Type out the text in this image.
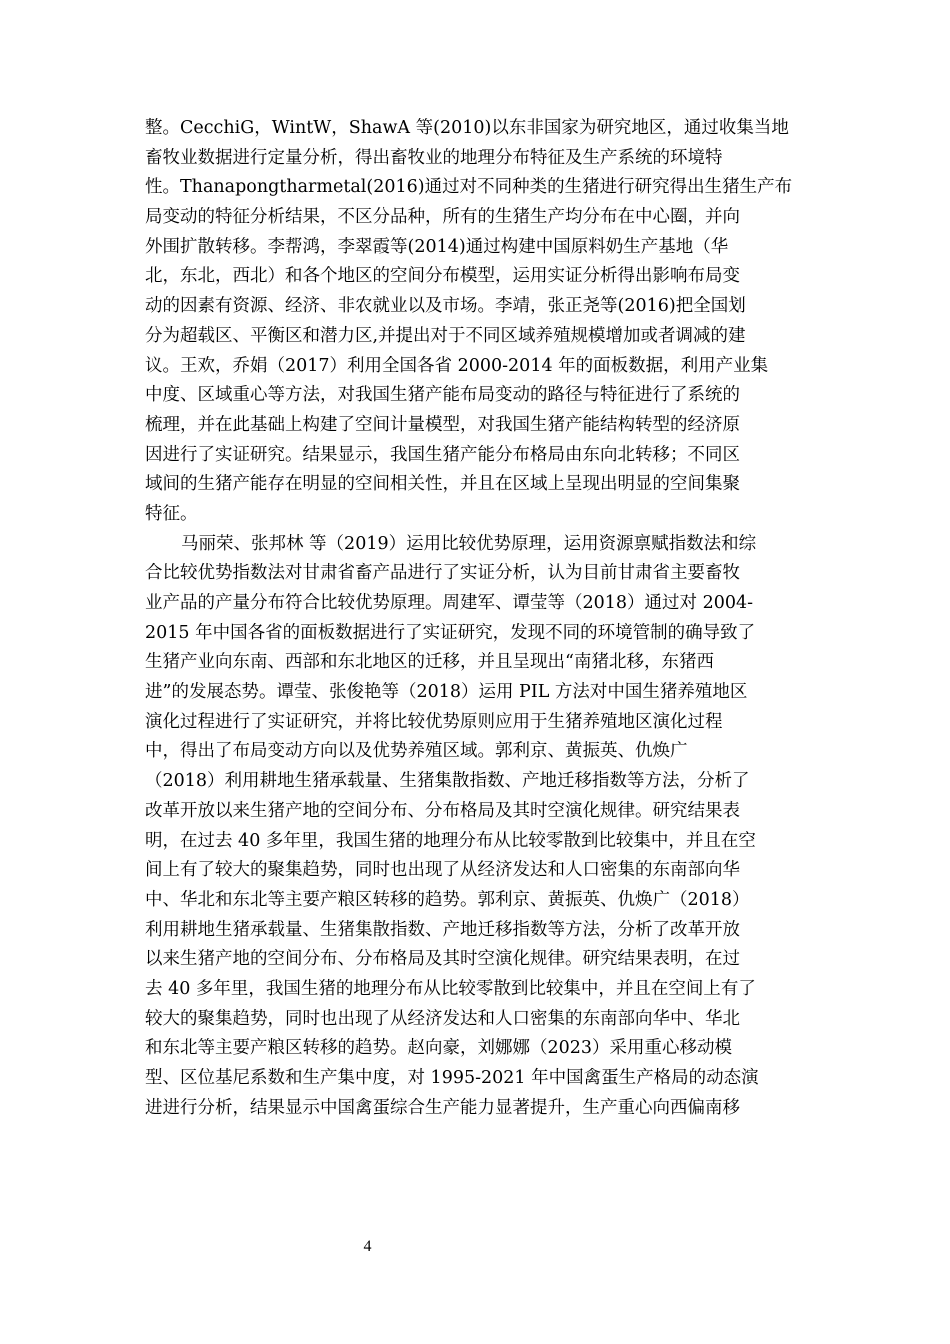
整。CecchiG，WintW，ShawA 等(2010)以东非国家为研究地区，通过收集当地
畜牧业数据进行定量分析，得出畜牧业的地理分布特征及生产系统的环境特
性。Thanapongtharmetal(2016)通过对不同种类的生猪进行研究得出生猪生产布
局变动的特征分析结果，不区分品种，所有的生猪生产均分布在中心圈，并向
外围扩散转移。李帮鸿，李翠霞等(2014)通过构建中国原料奶生产基地（华
北，东北，西北）和各个地区的空间分布模型，运用实证分析得出影响布局变
动的因素有资源、经济、非农就业以及市场。李靖，张正尧等(2016)把全国划
分为超载区、平衡区和潜力区,并提出对于不同区域养殖规模增加或者调减的建
议。王欢，乔娟（2017）利用全国各省 2000-2014 年的面板数据，利用产业集
中度、区域重心等方法，对我国生猪产能布局变动的路径与特征进行了系统的
梳理，并在此基础上构建了空间计量模型，对我国生猪产能结构转型的经济原
因进行了实证研究。结果显示，我国生猪产能分布格局由东向北转移；不同区
域间的生猪产能存在明显的空间相关性，并且在区域上呈现出明显的空间集聚
特征。
马丽荣、张邦林 等（2019）运用比较优势原理，运用资源禀赋指数法和综
合比较优势指数法对甘肃省畜产品进行了实证分析，认为目前甘肃省主要畜牧
业产品的产量分布符合比较优势原理。周建军、谭莹等（2018）通过对 2004-
2015 年中国各省的面板数据进行了实证研究，发现不同的环境管制的确导致了
生猪产业向东南、西部和东北地区的迁移，并且呈现出“南猪北移，东猪西
进”的发展态势。谭莹、张俊艳等（2018）运用 PIL 方法对中国生猪养殖地区
演化过程进行了实证研究，并将比较优势原则应用于生猪养殖地区演化过程
中，得出了布局变动方向以及优势养殖区域。郭利京、黄振英、仇焕广
（2018）利用耕地生猪承载量、生猪集散指数、产地迁移指数等方法，分析了
改革开放以来生猪产地的空间分布、分布格局及其时空演化规律。研究结果表
明，在过去 40 多年里，我国生猪的地理分布从比较零散到比较集中，并且在空
间上有了较大的聚集趋势，同时也出现了从经济发达和人口密集的东南部向华
中、华北和东北等主要产粮区转移的趋势。郭利京、黄振英、仇焕广（2018）
利用耕地生猪承载量、生猪集散指数、产地迁移指数等方法，分析了改革开放
以来生猪产地的空间分布、分布格局及其时空演化规律。研究结果表明，在过
去 40 多年里，我国生猪的地理分布从比较零散到比较集中，并且在空间上有了
较大的聚集趋势，同时也出现了从经济发达和人口密集的东南部向华中、华北
和东北等主要产粮区转移的趋势。赵向豪，刘娜娜（2023）采用重心移动模
型、区位基尼系数和生产集中度，对 1995-2021 年中国禽蛋生产格局的动态演
进进行分析，结果显示中国禽蛋综合生产能力显著提升，生产重心向西偏南移
4
